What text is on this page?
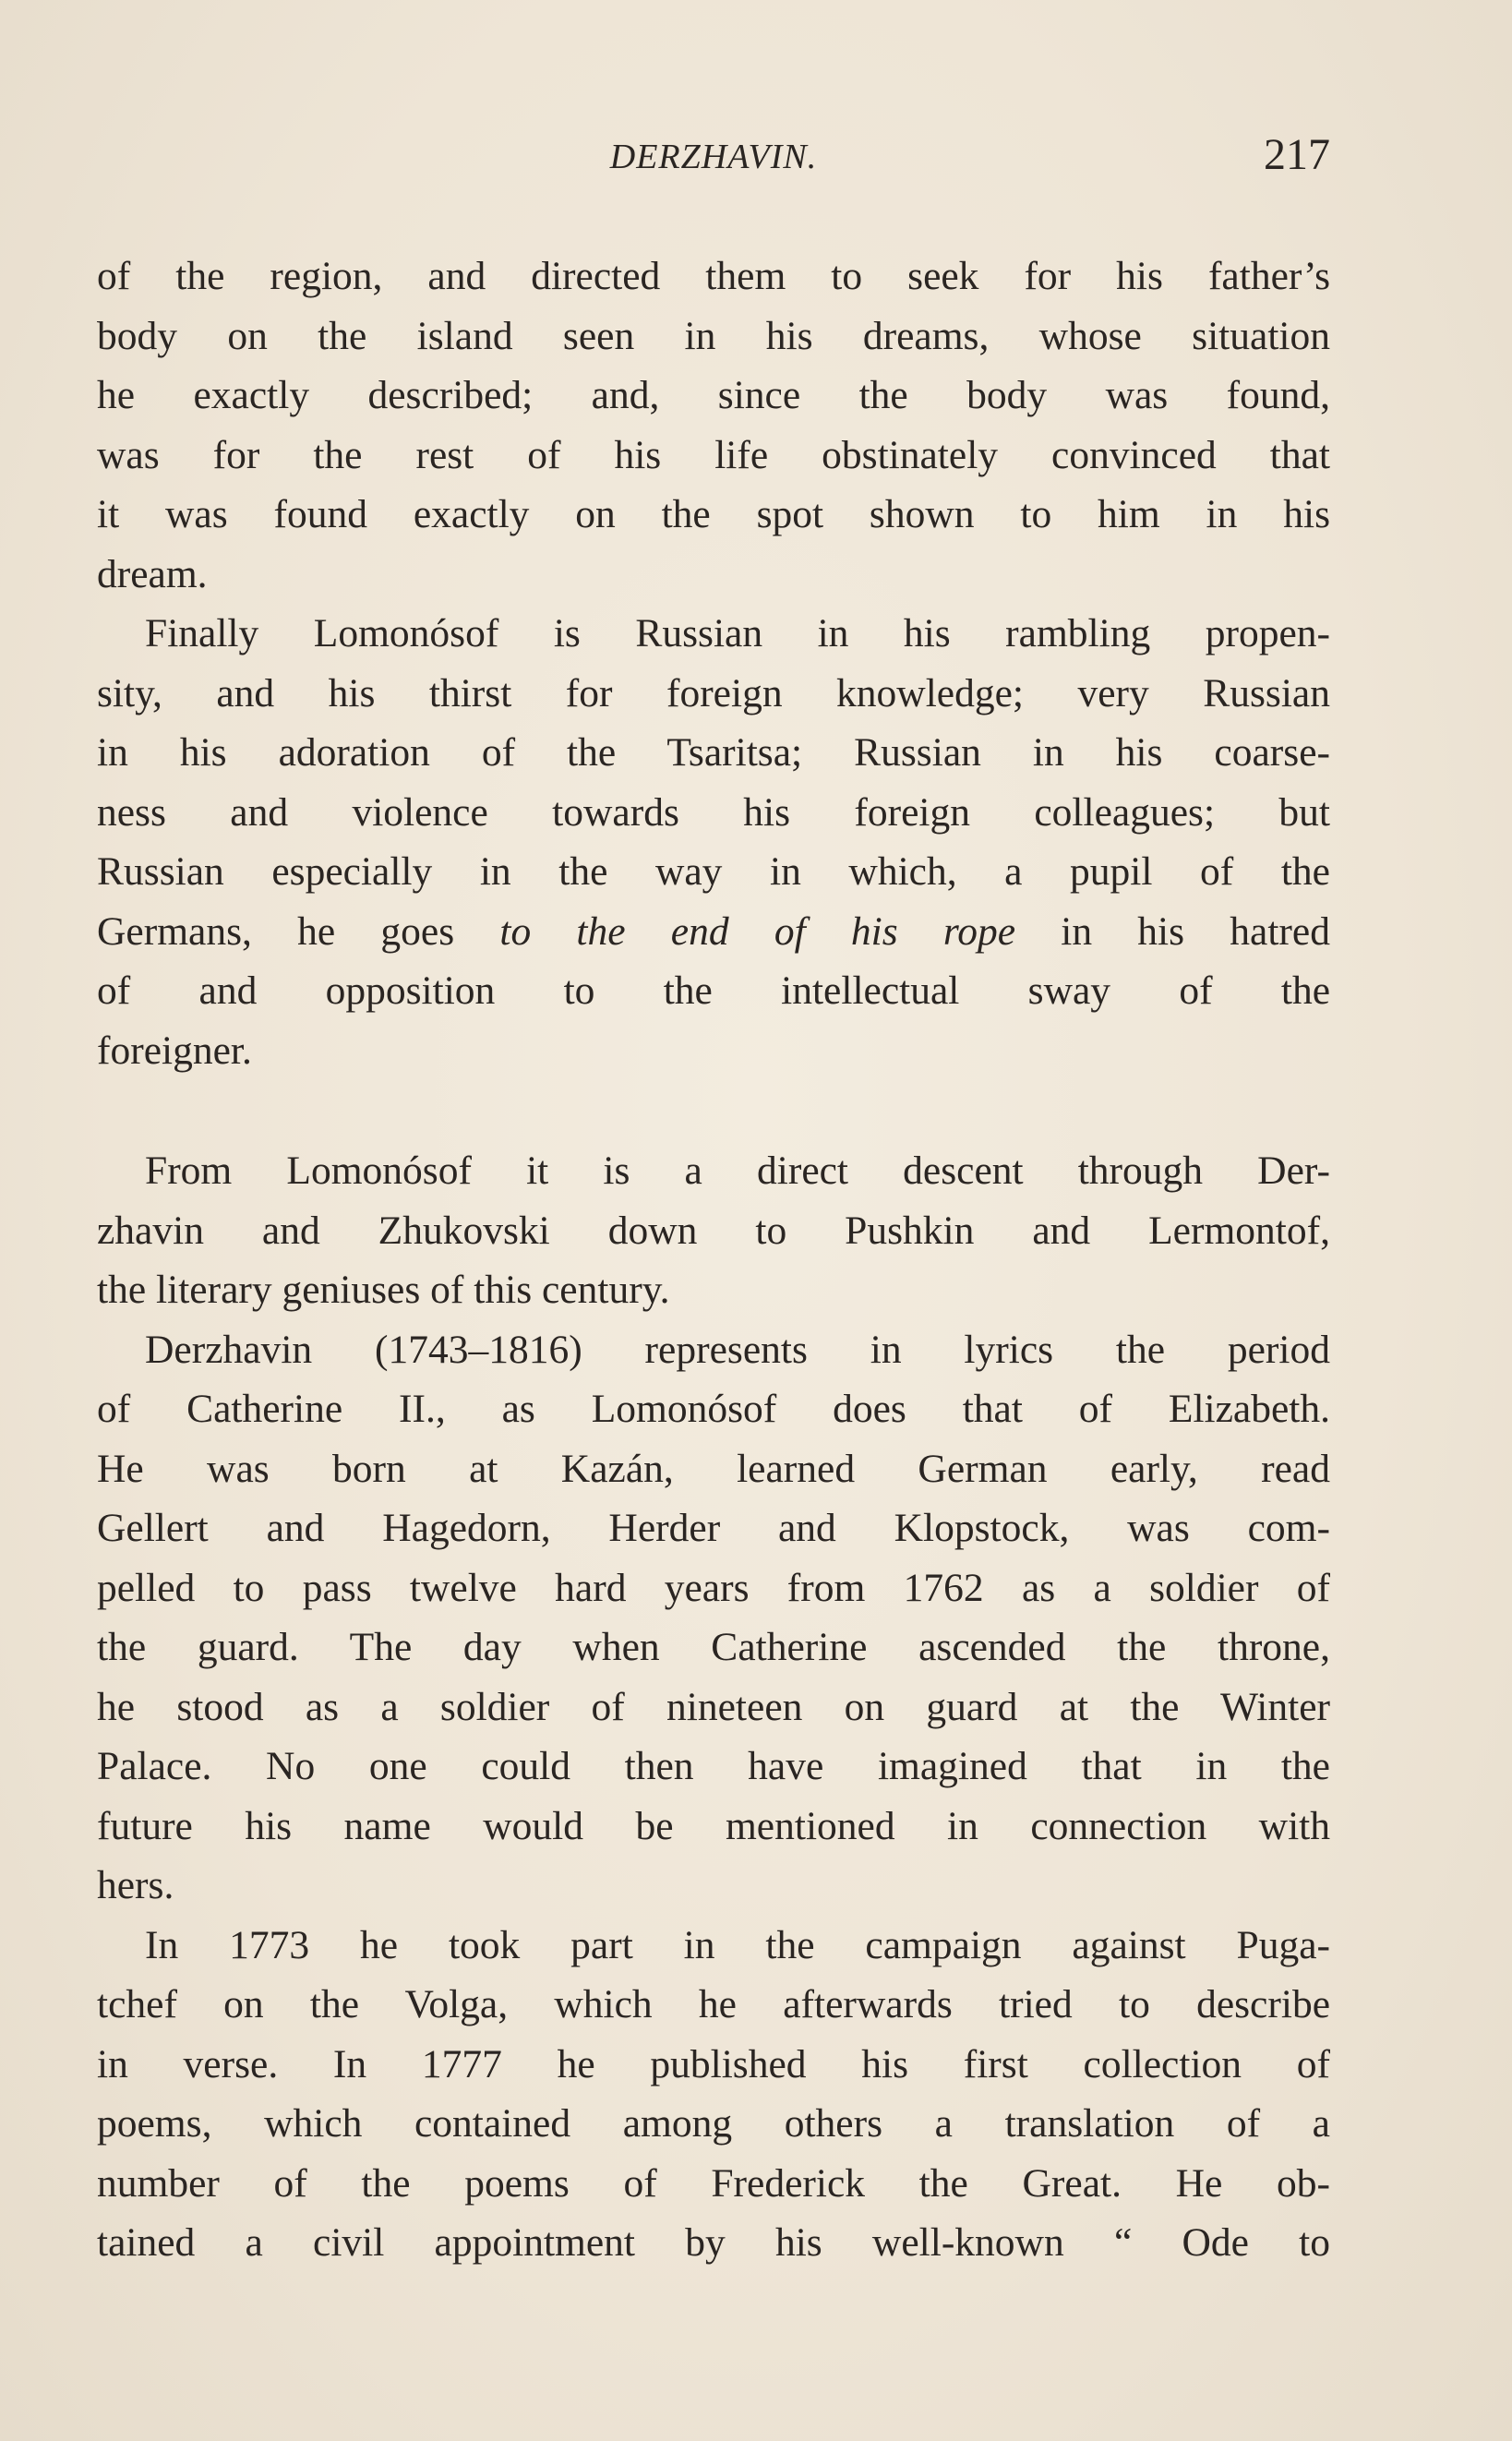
DERZHAVIN.	217
of the region, and directed them to seek for his father’s
body on the island seen in his dreams, whose situation
he exactly described; and, since the body was found,
was for the rest of his life obstinately convinced that
it was found exactly on the spot shown to him in his
dream.
Finally Lomonósof is Russian in his rambling propen-
sity, and his thirst for foreign knowledge; very Russian
in his adoration of the Tsaritsa; Russian in his coarse-
ness and violence towards his foreign colleagues; but
Russian especially in the way in which, a pupil of the
Germans, he goes to the end of his rope in his hatred
of and opposition to the intellectual sway of the
foreigner.
From Lomonósof it is a direct descent through Der-
zhavin and Zhukovski down to Pushkin and Lermontof,
the literary geniuses of this century.
Derzhavin (1743–1816) represents in lyrics the period
of Catherine II., as Lomonósof does that of Elizabeth.
He was born at Kazán, learned German early, read
Gellert and Hagedorn, Herder and Klopstock, was com-
pelled to pass twelve hard years from 1762 as a soldier of
the guard. The day when Catherine ascended the throne,
he stood as a soldier of nineteen on guard at the Winter
Palace. No one could then have imagined that in the
future his name would be mentioned in connection with
hers.
In 1773 he took part in the campaign against Puga-
tchef on the Volga, which he afterwards tried to describe
in verse. In 1777 he published his first collection of
poems, which contained among others a translation of a
number of the poems of Frederick the Great. He ob-
tained a civil appointment by his well-known “ Ode to
